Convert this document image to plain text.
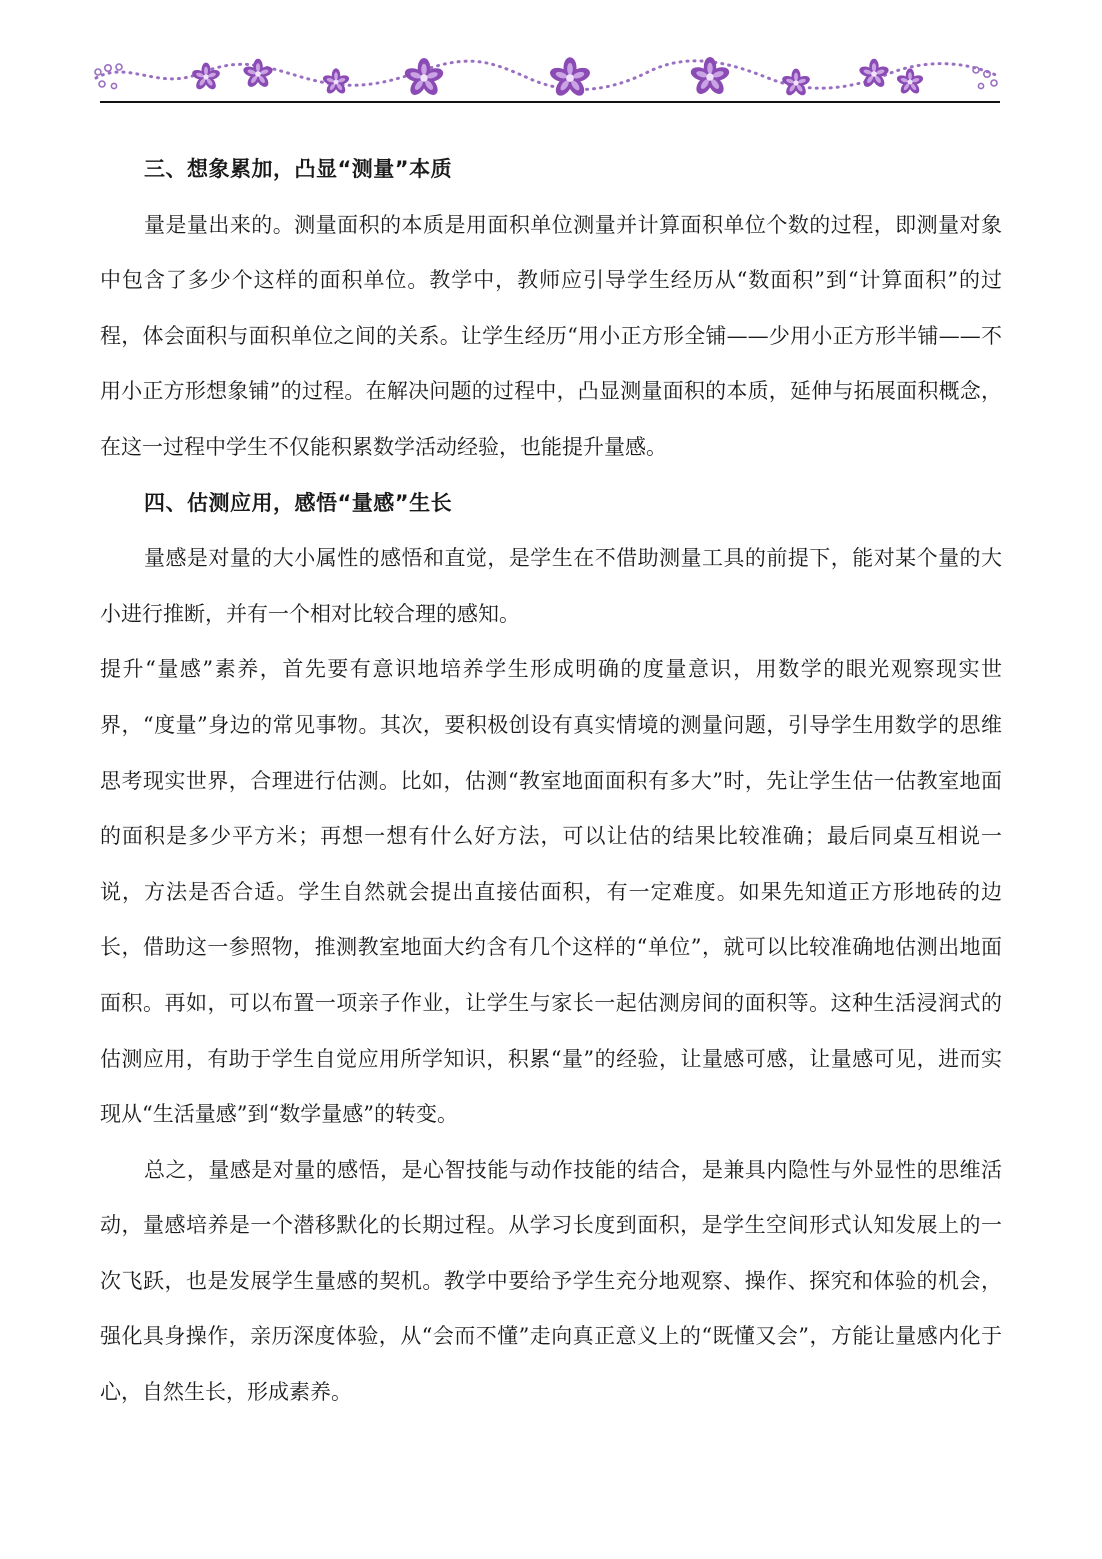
三、想象累加，凸显“测量”本质

量是量出来的。测量面积的本质是用面积单位测量并计算面积单位个数的过程，即测量对象中包含了多少个这样的面积单位。教学中，教师应引导学生经历从“数面积”到“计算面积”的过程，体会面积与面积单位之间的关系。让学生经历“用小正方形全铺——少用小正方形半铺——不用小正方形想象铺”的过程。在解决问题的过程中，凸显测量面积的本质，延伸与拓展面积概念，在这一过程中学生不仅能积累数学活动经验，也能提升量感。

四、估测应用，感悟“量感”生长

量感是对量的大小属性的感悟和直觉，是学生在不借助测量工具的前提下，能对某个量的大小进行推断，并有一个相对比较合理的感知。

提升“量感”素养，首先要有意识地培养学生形成明确的度量意识，用数学的眼光观察现实世界，“度量”身边的常见事物。其次，要积极创设有真实情境的测量问题，引导学生用数学的思维思考现实世界，合理进行估测。比如，估测“教室地面面积有多大”时，先让学生估一估教室地面的面积是多少平方米；再想一想有什么好方法，可以让估的结果比较准确；最后同桌互相说一说，方法是否合适。学生自然就会提出直接估面积，有一定难度。如果先知道正方形地砖的边长，借助这一参照物，推测教室地面大约含有几个这样的“单位”，就可以比较准确地估测出地面面积。再如，可以布置一项亲子作业，让学生与家长一起估测房间的面积等。这种生活浸润式的估测应用，有助于学生自觉应用所学知识，积累“量”的经验，让量感可感，让量感可见，进而实现从“生活量感”到“数学量感”的转变。

总之，量感是对量的感悟，是心智技能与动作技能的结合，是兼具内隐性与外显性的思维活动，量感培养是一个潜移默化的长期过程。从学习长度到面积，是学生空间形式认知发展上的一次飞跃，也是发展学生量感的契机。教学中要给予学生充分地观察、操作、探究和体验的机会，强化具身操作，亲历深度体验，从“会而不懂”走向真正意义上的“既懂又会”，方能让量感内化于心，自然生长，形成素养。
